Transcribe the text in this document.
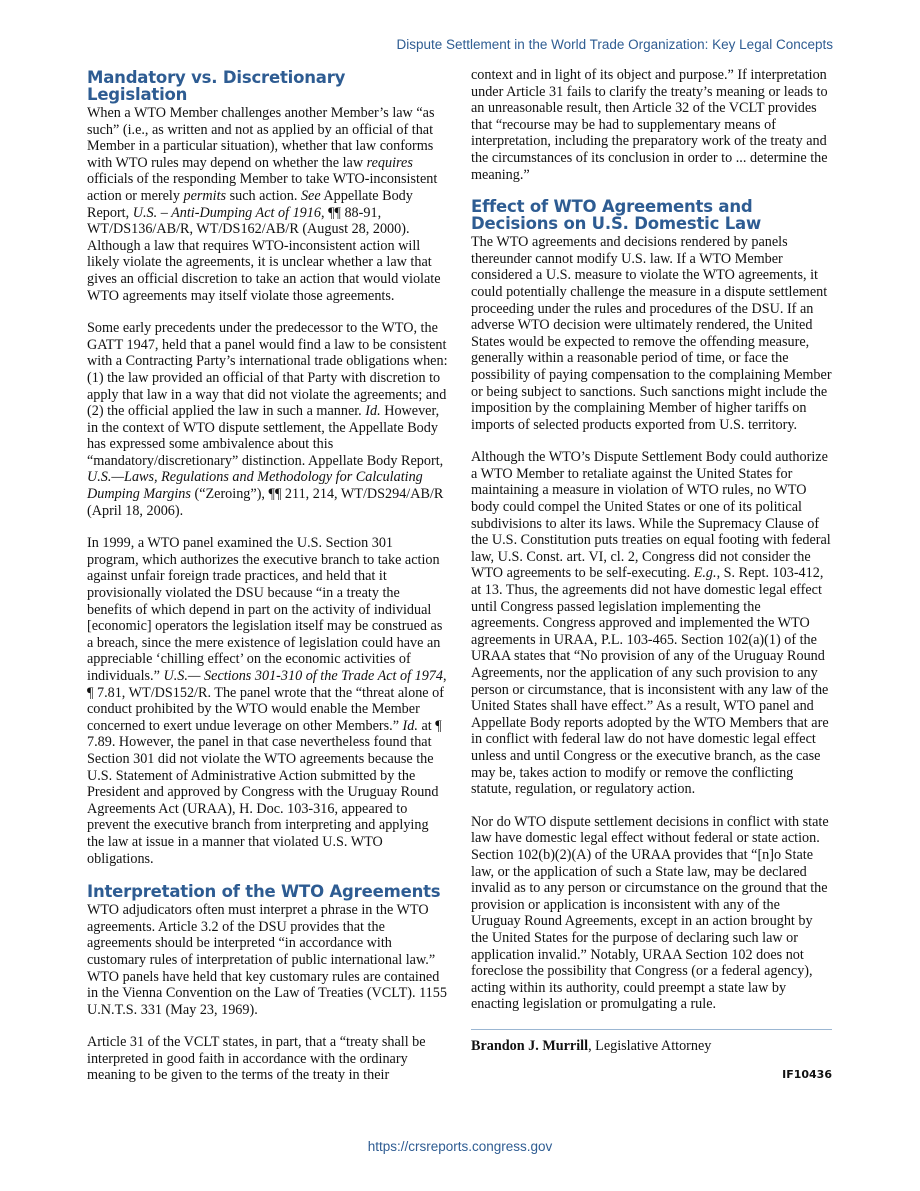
Dispute Settlement in the World Trade Organization: Key Legal Concepts
Mandatory vs. Discretionary Legislation

When a WTO Member challenges another Member’s law “as such” (i.e., as written and not as applied by an official of that Member in a particular situation), whether that law conforms with WTO rules may depend on whether the law requires officials of the responding Member to take WTO-inconsistent action or merely permits such action. See Appellate Body Report, U.S. – Anti-Dumping Act of 1916, ¶¶ 88-91, WT/DS136/AB/R, WT/DS162/AB/R (August 28, 2000). Although a law that requires WTO-inconsistent action will likely violate the agreements, it is unclear whether a law that gives an official discretion to take an action that would violate WTO agreements may itself violate those agreements.

Some early precedents under the predecessor to the WTO, the GATT 1947, held that a panel would find a law to be consistent with a Contracting Party’s international trade obligations when: (1) the law provided an official of that Party with discretion to apply that law in a way that did not violate the agreements; and (2) the official applied the law in such a manner. Id. However, in the context of WTO dispute settlement, the Appellate Body has expressed some ambivalence about this “mandatory/discretionary” distinction. Appellate Body Report, U.S.—Laws, Regulations and Methodology for Calculating Dumping Margins (“Zeroing”), ¶¶ 211, 214, WT/DS294/AB/R (April 18, 2006).

In 1999, a WTO panel examined the U.S. Section 301 program, which authorizes the executive branch to take action against unfair foreign trade practices, and held that it provisionally violated the DSU because “in a treaty the benefits of which depend in part on the activity of individual [economic] operators the legislation itself may be construed as a breach, since the mere existence of legislation could have an appreciable ‘chilling effect’ on the economic activities of individuals.” U.S.— Sections 301-310 of the Trade Act of 1974, ¶ 7.81, WT/DS152/R. The panel wrote that the “threat alone of conduct prohibited by the WTO would enable the Member concerned to exert undue leverage on other Members.” Id. at ¶ 7.89. However, the panel in that case nevertheless found that Section 301 did not violate the WTO agreements because the U.S. Statement of Administrative Action submitted by the President and approved by Congress with the Uruguay Round Agreements Act (URAA), H. Doc. 103-316, appeared to prevent the executive branch from interpreting and applying the law at issue in a manner that violated U.S. WTO obligations.

Interpretation of the WTO Agreements

WTO adjudicators often must interpret a phrase in the WTO agreements. Article 3.2 of the DSU provides that the agreements should be interpreted “in accordance with customary rules of interpretation of public international law.” WTO panels have held that key customary rules are contained in the Vienna Convention on the Law of Treaties (VCLT). 1155 U.N.T.S. 331 (May 23, 1969).

Article 31 of the VCLT states, in part, that a “treaty shall be interpreted in good faith in accordance with the ordinary meaning to be given to the terms of the treaty in their

context and in light of its object and purpose.” If interpretation under Article 31 fails to clarify the treaty’s meaning or leads to an unreasonable result, then Article 32 of the VCLT provides that “recourse may be had to supplementary means of interpretation, including the preparatory work of the treaty and the circumstances of its conclusion in order to ... determine the meaning.”

Effect of WTO Agreements and Decisions on U.S. Domestic Law

The WTO agreements and decisions rendered by panels thereunder cannot modify U.S. law. If a WTO Member considered a U.S. measure to violate the WTO agreements, it could potentially challenge the measure in a dispute settlement proceeding under the rules and procedures of the DSU. If an adverse WTO decision were ultimately rendered, the United States would be expected to remove the offending measure, generally within a reasonable period of time, or face the possibility of paying compensation to the complaining Member or being subject to sanctions. Such sanctions might include the imposition by the complaining Member of higher tariffs on imports of selected products exported from U.S. territory.

Although the WTO’s Dispute Settlement Body could authorize a WTO Member to retaliate against the United States for maintaining a measure in violation of WTO rules, no WTO body could compel the United States or one of its political subdivisions to alter its laws. While the Supremacy Clause of the U.S. Constitution puts treaties on equal footing with federal law, U.S. Const. art. VI, cl. 2, Congress did not consider the WTO agreements to be self-executing. E.g., S. Rept. 103-412, at 13. Thus, the agreements did not have domestic legal effect until Congress passed legislation implementing the agreements. Congress approved and implemented the WTO agreements in URAA, P.L. 103-465. Section 102(a)(1) of the URAA states that “No provision of any of the Uruguay Round Agreements, nor the application of any such provision to any person or circumstance, that is inconsistent with any law of the United States shall have effect.” As a result, WTO panel and Appellate Body reports adopted by the WTO Members that are in conflict with federal law do not have domestic legal effect unless and until Congress or the executive branch, as the case may be, takes action to modify or remove the conflicting statute, regulation, or regulatory action.

Nor do WTO dispute settlement decisions in conflict with state law have domestic legal effect without federal or state action. Section 102(b)(2)(A) of the URAA provides that “[n]o State law, or the application of such a State law, may be declared invalid as to any person or circumstance on the ground that the provision or application is inconsistent with any of the Uruguay Round Agreements, except in an action brought by the United States for the purpose of declaring such law or application invalid.” Notably, URAA Section 102 does not foreclose the possibility that Congress (or a federal agency), acting within its authority, could preempt a state law by enacting legislation or promulgating a rule.

Brandon J. Murrill, Legislative Attorney
IF10436
https://crsreports.congress.gov
